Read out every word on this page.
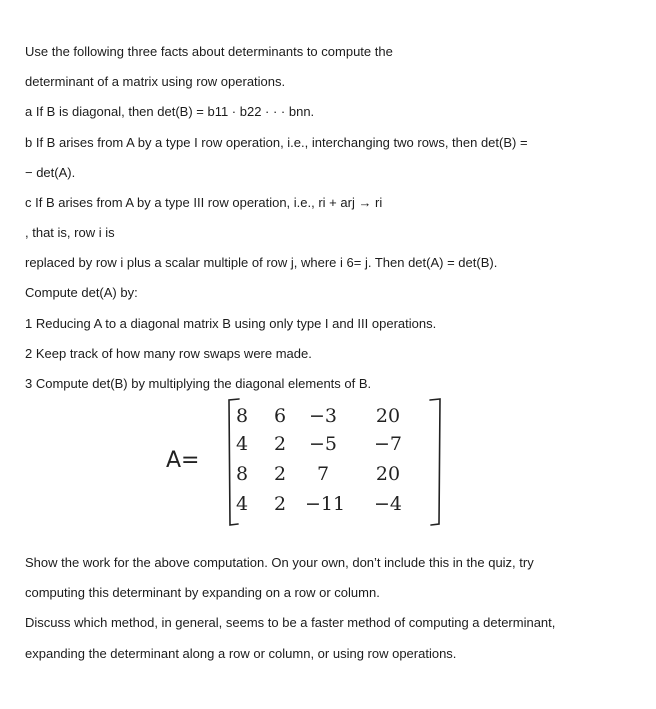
Use the following three facts about determinants to compute the

determinant of a matrix using row operations.

a If B is diagonal, then det(B) = b11 · b22 · · · bnn.

b If B arises from A by a type I row operation, i.e., interchanging two rows, then det(B) =

− det(A).

c If B arises from A by a type III row operation, i.e., ri + arj → ri

, that is, row i is

replaced by row i plus a scalar multiple of row j, where i 6= j. Then det(A) = det(B).

Compute det(A) by:

1 Reducing A to a diagonal matrix B using only type I and III operations.

2 Keep track of how many row swaps were made.

3 Compute det(B) by multiplying the diagonal elements of B.

A=
8	6	−3	20
4	2	−5 −7
8	2	7	20
4	2 −11 −4

Show the work for the above computation. On your own, don’t include this in the quiz, try

computing this determinant by expanding on a row or column.

Discuss which method, in general, seems to be a faster method of computing a determinant,

expanding the determinant along a row or column, or using row operations.
